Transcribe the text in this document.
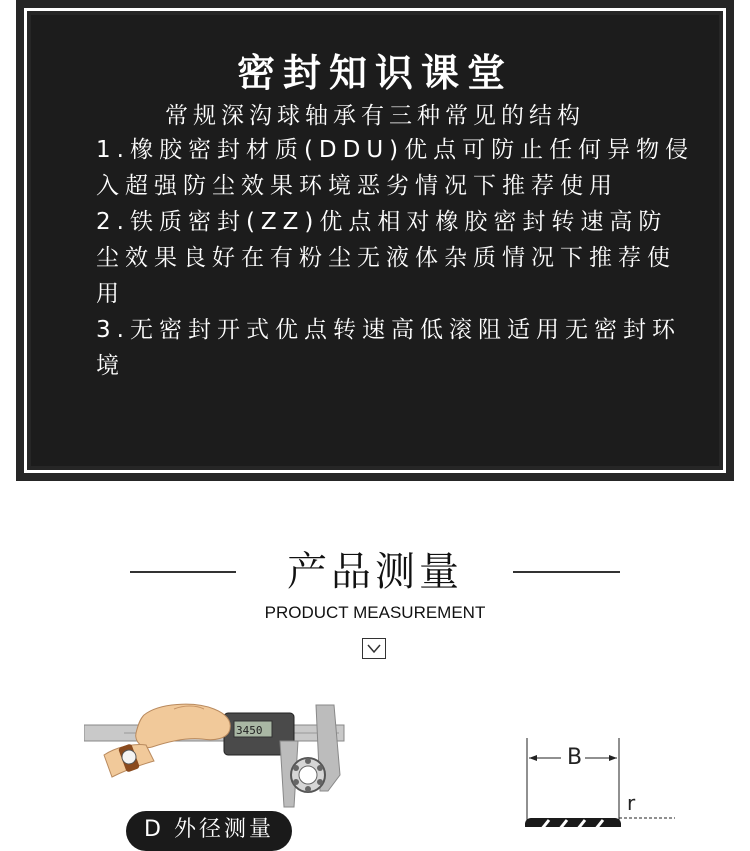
密封知识课堂
常规深沟球轴承有三种常见的结构

1.橡胶密封材质(DDU)优点可防止任何异物侵入超强防尘效果环境恶劣情况下推荐使用

2.铁质密封(ZZ)优点相对橡胶密封转速高防尘效果良好在有粉尘无液体杂质情况下推荐使用

3.无密封开式优点转速高低滚阻适用无密封环境

产品测量
PRODUCT MEASUREMENT
3450
D 外径测量
B
r
